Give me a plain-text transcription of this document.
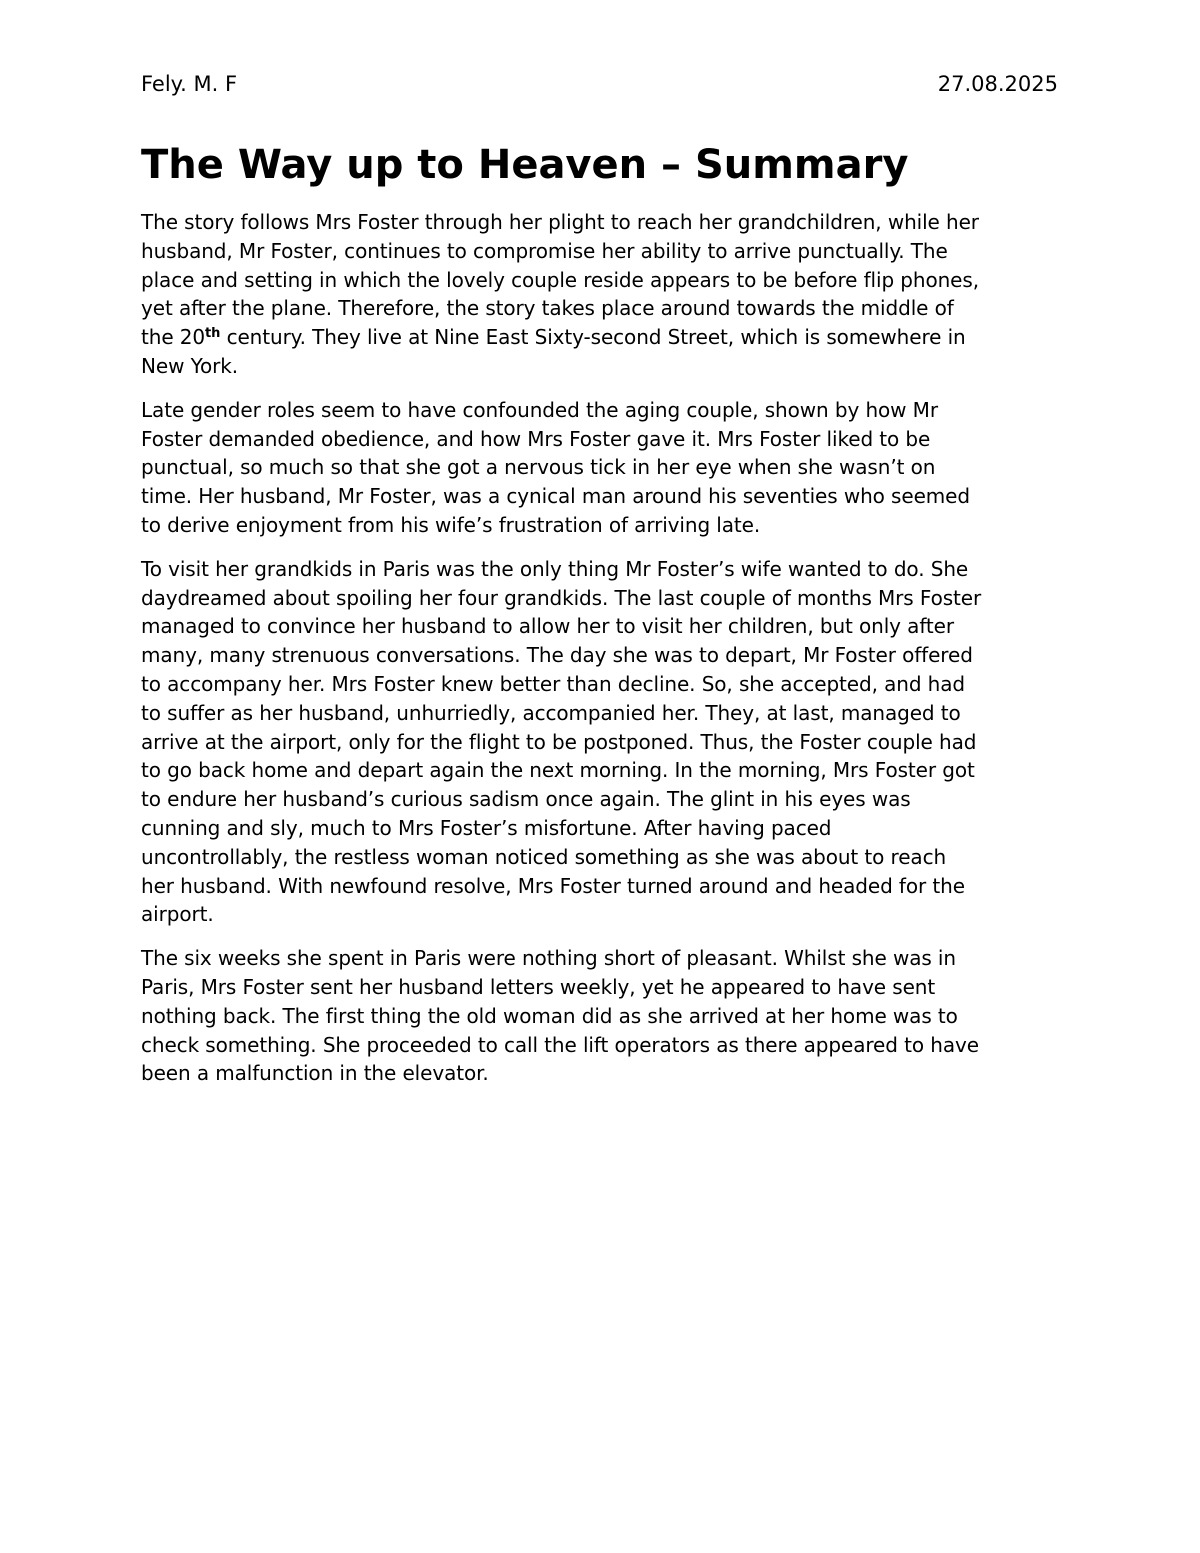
Fely. M. F	27.08.2025
The Way up to Heaven – Summary

The story follows Mrs Foster through her plight to reach her grandchildren, while her
husband, Mr Foster, continues to compromise her ability to arrive punctually. The
place and setting in which the lovely couple reside appears to be before flip phones,
yet after the plane. Therefore, the story takes place around towards the middle of
the 20th century. They live at Nine East Sixty-second Street, which is somewhere in
New York.

Late gender roles seem to have confounded the aging couple, shown by how Mr
Foster demanded obedience, and how Mrs Foster gave it. Mrs Foster liked to be
punctual, so much so that she got a nervous tick in her eye when she wasn’t on
time. Her husband, Mr Foster, was a cynical man around his seventies who seemed
to derive enjoyment from his wife’s frustration of arriving late.

To visit her grandkids in Paris was the only thing Mr Foster’s wife wanted to do. She
daydreamed about spoiling her four grandkids. The last couple of months Mrs Foster
managed to convince her husband to allow her to visit her children, but only after
many, many strenuous conversations. The day she was to depart, Mr Foster offered
to accompany her. Mrs Foster knew better than decline. So, she accepted, and had
to suffer as her husband, unhurriedly, accompanied her. They, at last, managed to
arrive at the airport, only for the flight to be postponed. Thus, the Foster couple had
to go back home and depart again the next morning. In the morning, Mrs Foster got
to endure her husband’s curious sadism once again. The glint in his eyes was
cunning and sly, much to Mrs Foster’s misfortune. After having paced
uncontrollably, the restless woman noticed something as she was about to reach
her husband. With newfound resolve, Mrs Foster turned around and headed for the
airport.

The six weeks she spent in Paris were nothing short of pleasant. Whilst she was in
Paris, Mrs Foster sent her husband letters weekly, yet he appeared to have sent
nothing back. The first thing the old woman did as she arrived at her home was to
check something. She proceeded to call the lift operators as there appeared to have
been a malfunction in the elevator.
